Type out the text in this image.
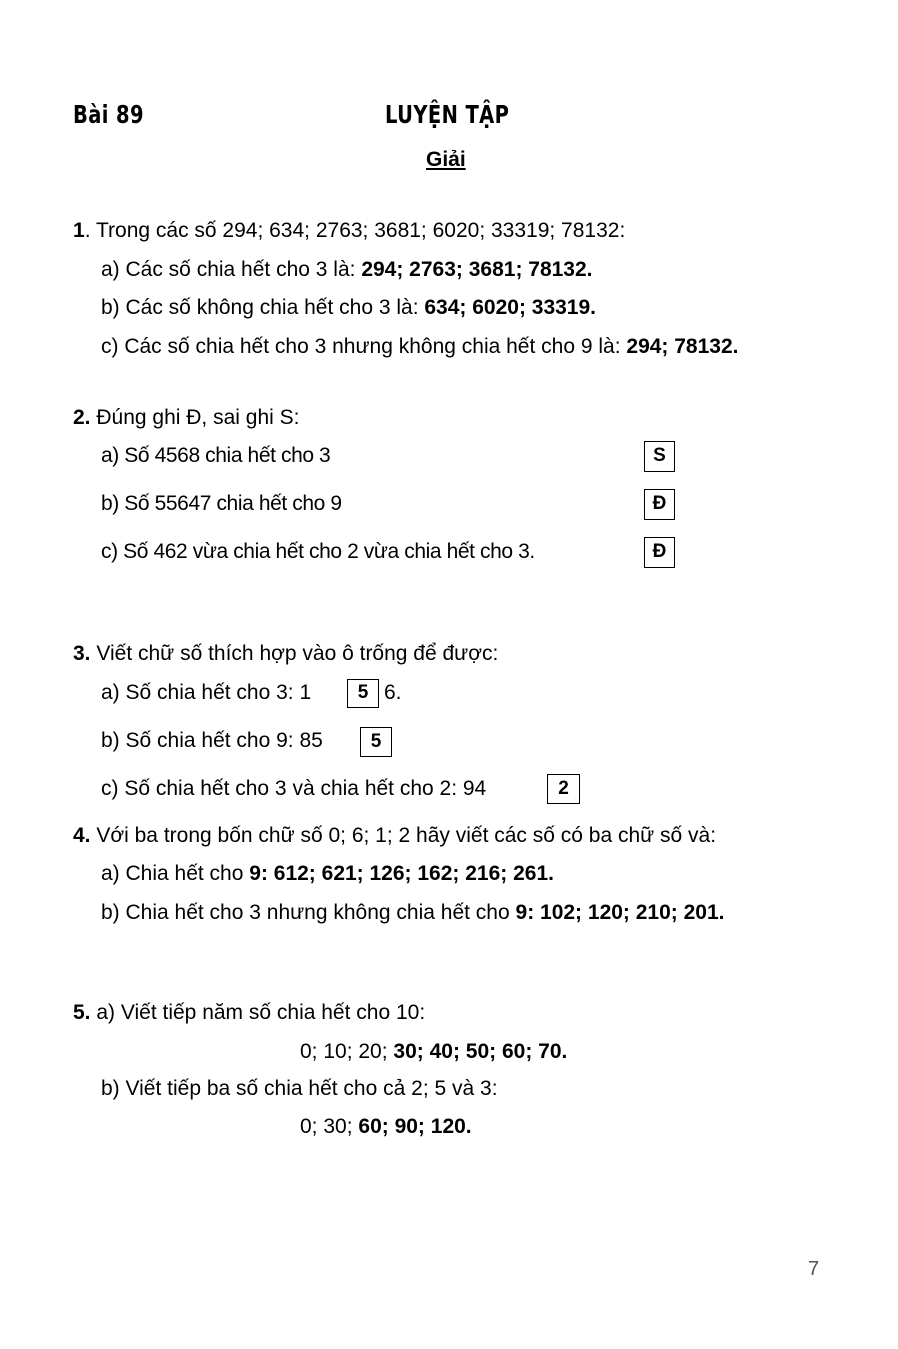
Bài 89	LUYỆN TẬP
Giải
1. Trong các số 294; 634; 2763; 3681; 6020; 33319; 78132:
a) Các số chia hết cho 3 là: 294; 2763; 3681; 78132.
b) Các số không chia hết cho 3 là: 634; 6020; 33319.
c) Các số chia hết cho 3 nhưng không chia hết cho 9 là: 294; 78132.
2. Đúng ghi Đ, sai ghi S:
a) Số 4568 chia hết cho 3	S
b) Số 55647 chia hết cho 9	Đ
c) Số 462 vừa chia hết cho 2 vừa chia hết cho 3.	Đ
3. Viết chữ số thích hợp vào ô trống để được:
a) Số chia hết cho 3: 1	5 6.
b) Số chia hết cho 9: 85	5
c) Số chia hết cho 3 và chia hết cho 2: 94	2
4. Với ba trong bốn chữ số 0; 6; 1; 2 hãy viết các số có ba chữ số và:
a) Chia hết cho 9: 612; 621; 126; 162; 216; 261.
b) Chia hết cho 3 nhưng không chia hết cho 9: 102; 120; 210; 201.
5. a) Viết tiếp năm số chia hết cho 10:
0; 10; 20; 30; 40; 50; 60; 70.
b) Viết tiếp ba số chia hết cho cả 2; 5 và 3:
0; 30; 60; 90; 120.
7
